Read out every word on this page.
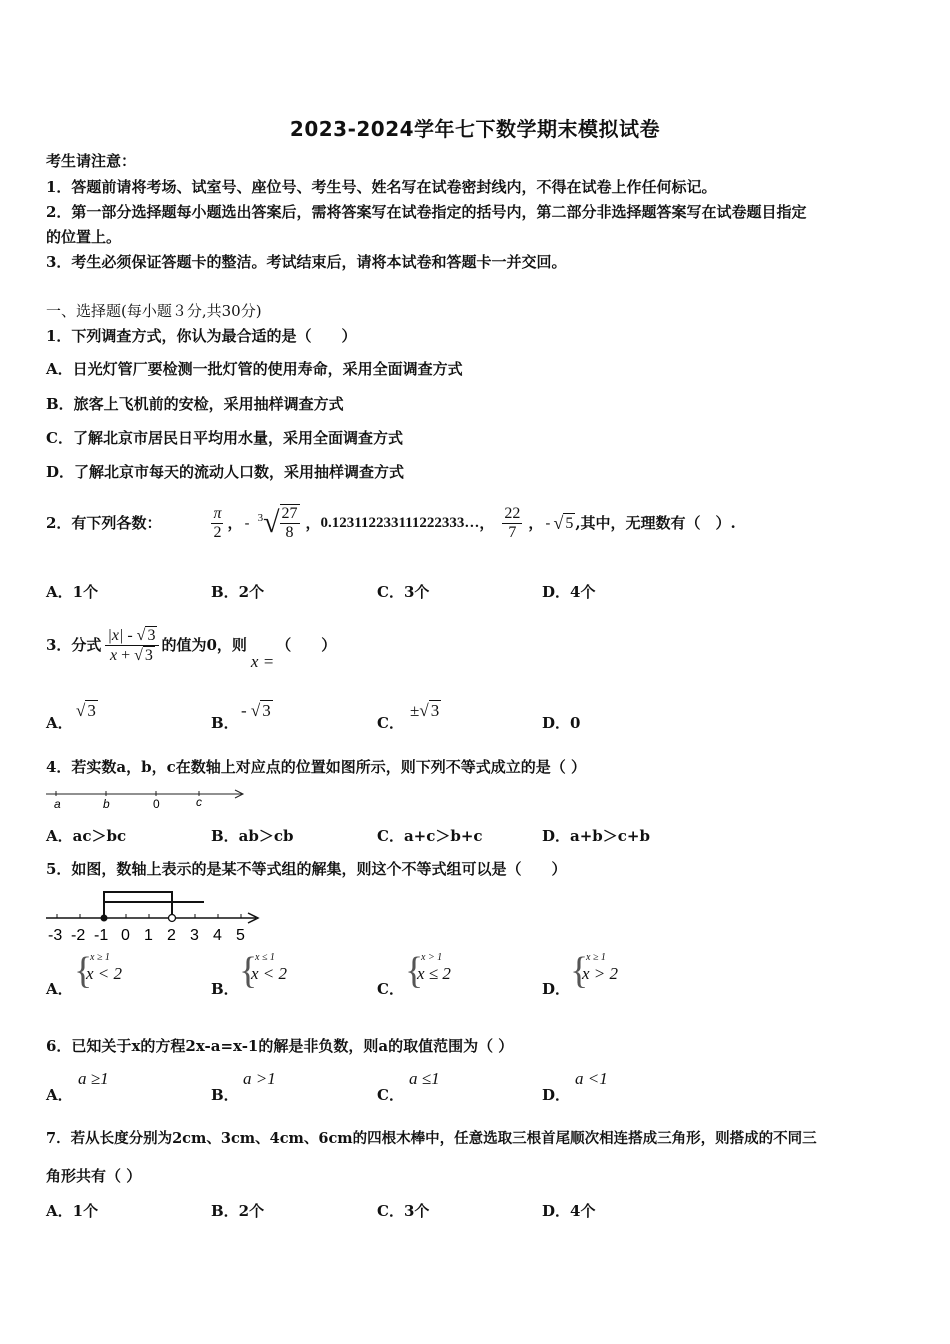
2023-2024学年七下数学期末模拟试卷
考生请注意：
1．答题前请将考场、试室号、座位号、考生号、姓名写在试卷密封线内，不得在试卷上作任何标记。
2．第一部分选择题每小题选出答案后，需将答案写在试卷指定的括号内，第二部分非选择题答案写在试卷题目指定
的位置上。
3．考生必须保证答题卡的整洁。考试结束后，请将本试卷和答题卡一并交回。
一、选择题(每小题３分,共30分)
1．下列调查方式，你认为最合适的是（　　）
A．日光灯管厂要检测一批灯管的使用寿命，采用全面调查方式
B．旅客上飞机前的安检，采用抽样调查方式
C．了解北京市居民日平均用水量，采用全面调查方式
D．了解北京市每天的流动人口数，采用抽样调查方式
2．有下列各数：	$\frac{\pi}{2}$ ， - 3 √ $\frac{27}{8}$ ， 0.123112233111222333… ， $\frac{22}{7}$ ， - √ 5 ,其中，无理数有（　）.
A．1个	B．2个	C．3个	D．4个
3．分式 $\frac{|x| - √ 3}{x + √ 3}$ 的值为0，则
x =
（　　）
A．
√ 3
B．
- √ 3
C．
±√ 3
D．0
4．若实数a，b，c在数轴上对应点的位置如图所示，则下列不等式成立的是（ ）
a	b	0	c
A．ac＞bc	B．ab＞cb	C．a+c＞b+c	D．a+b＞c+b
5．如图，数轴上表示的是某不等式组的解集，则这个不等式组可以是（　　）
-3 -2 -1 0 1 2 3 4 5
A． {
x ≥ 1
x < 2
B． {
x ≤ 1
x < 2
C． {
x > 1
x ≤ 2
D． {
x ≥ 1
x > 2
6．已知关于x的方程2x-a=x-1的解是非负数，则a的取值范围为（ ）
A．
a ≥1
B．
a >1
C．
a ≤1
D．
a <1
7．若从长度分别为2cm、3cm、4cm、6cm的四根木棒中，任意选取三根首尾顺次相连搭成三角形，则搭成的不同三
角形共有（ ）
A．1个	B．2个	C．3个	D．4个
